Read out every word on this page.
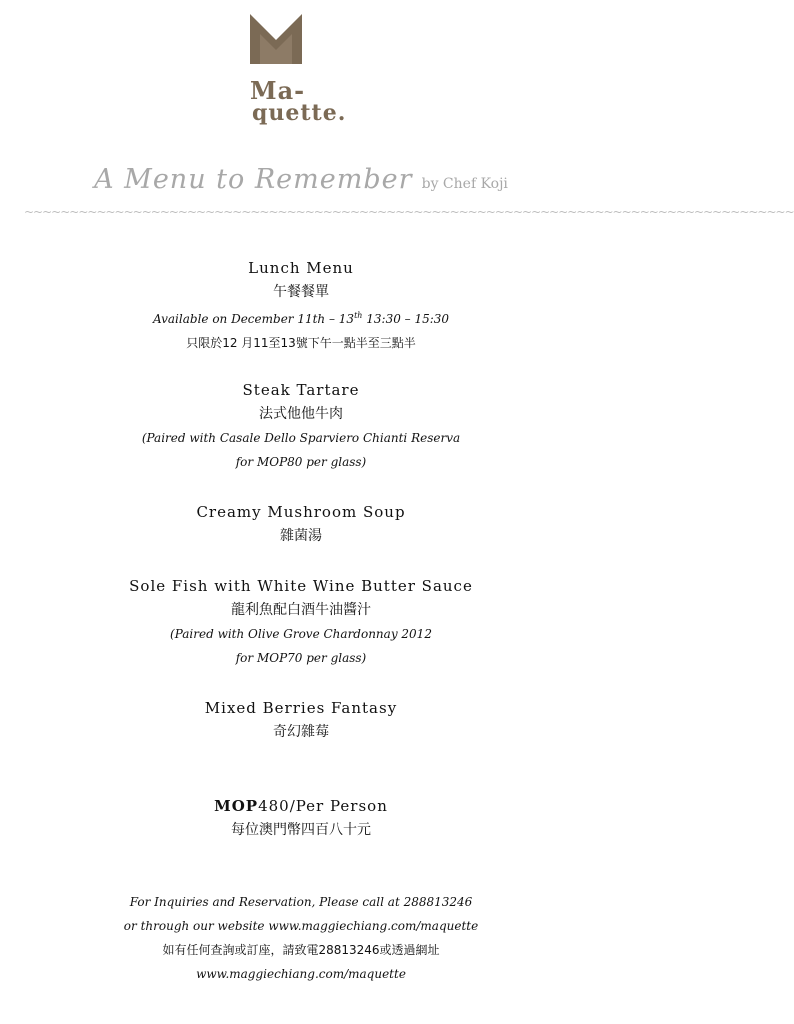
Ma-
quette.
A Menu to Remember by Chef Koji
~~~~~~~~~~~~~~~~~~~~~~~~~~~~~~~~~~~~~~~~~~~~~~~~~~~~~~~~~~~~~~~~~~~~~~~~~~~~~~~~~~~~~

Lunch Menu

午餐餐單

Available on December 11th – 13th 13:30 – 15:30

只限於12 月11至13號下午一點半至三點半

Steak Tartare

法式他他牛肉

(Paired with Casale Dello Sparviero Chianti Reserva

for MOP80 per glass)

Creamy Mushroom Soup

雜菌湯

Sole Fish with White Wine Butter Sauce

龍利魚配白酒牛油醬汁

(Paired with Olive Grove Chardonnay 2012

for MOP70 per glass)

Mixed Berries Fantasy

奇幻雜莓

MOP480/Per Person

每位澳門幣四百八十元

For Inquiries and Reservation, Please call at 288813246

or through our website www.maggiechiang.com/maquette

如有任何查詢或訂座，請致電28813246或透過網址

www.maggiechiang.com/maquette
